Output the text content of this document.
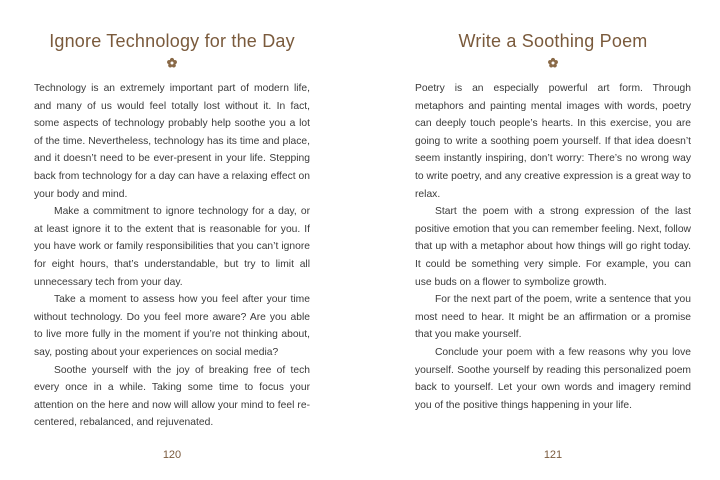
Ignore Technology for the Day

Technology is an extremely important part of modern life, and many of us would feel totally lost without it. In fact, some aspects of technology probably help soothe you a lot of the time. Nevertheless, technology has its time and place, and it doesn’t need to be ever-present in your life. Stepping back from technology for a day can have a relaxing effect on your body and mind.

Make a commitment to ignore technology for a day, or at least ignore it to the extent that is reasonable for you. If you have work or family responsibilities that you can’t ignore for eight hours, that’s understandable, but try to limit all unnecessary tech from your day.

Take a moment to assess how you feel after your time without technology. Do you feel more aware? Are you able to live more fully in the moment if you’re not thinking about, say, posting about your experiences on social media?

Soothe yourself with the joy of breaking free of tech every once in a while. Taking some time to focus your attention on the here and now will allow your mind to feel re-centered, rebalanced, and rejuvenated.

120
Write a Soothing Poem

Poetry is an especially powerful art form. Through metaphors and painting mental images with words, poetry can deeply touch people’s hearts. In this exercise, you are going to write a soothing poem yourself. If that idea doesn’t seem instantly inspiring, don’t worry: There’s no wrong way to write poetry, and any creative expression is a great way to relax.

Start the poem with a strong expression of the last positive emotion that you can remember feeling. Next, follow that up with a metaphor about how things will go right today. It could be something very simple. For example, you can use buds on a flower to symbolize growth.

For the next part of the poem, write a sentence that you most need to hear. It might be an affirmation or a promise that you make yourself.

Conclude your poem with a few reasons why you love yourself. Soothe yourself by reading this personalized poem back to yourself. Let your own words and imagery remind you of the positive things happening in your life.

121
